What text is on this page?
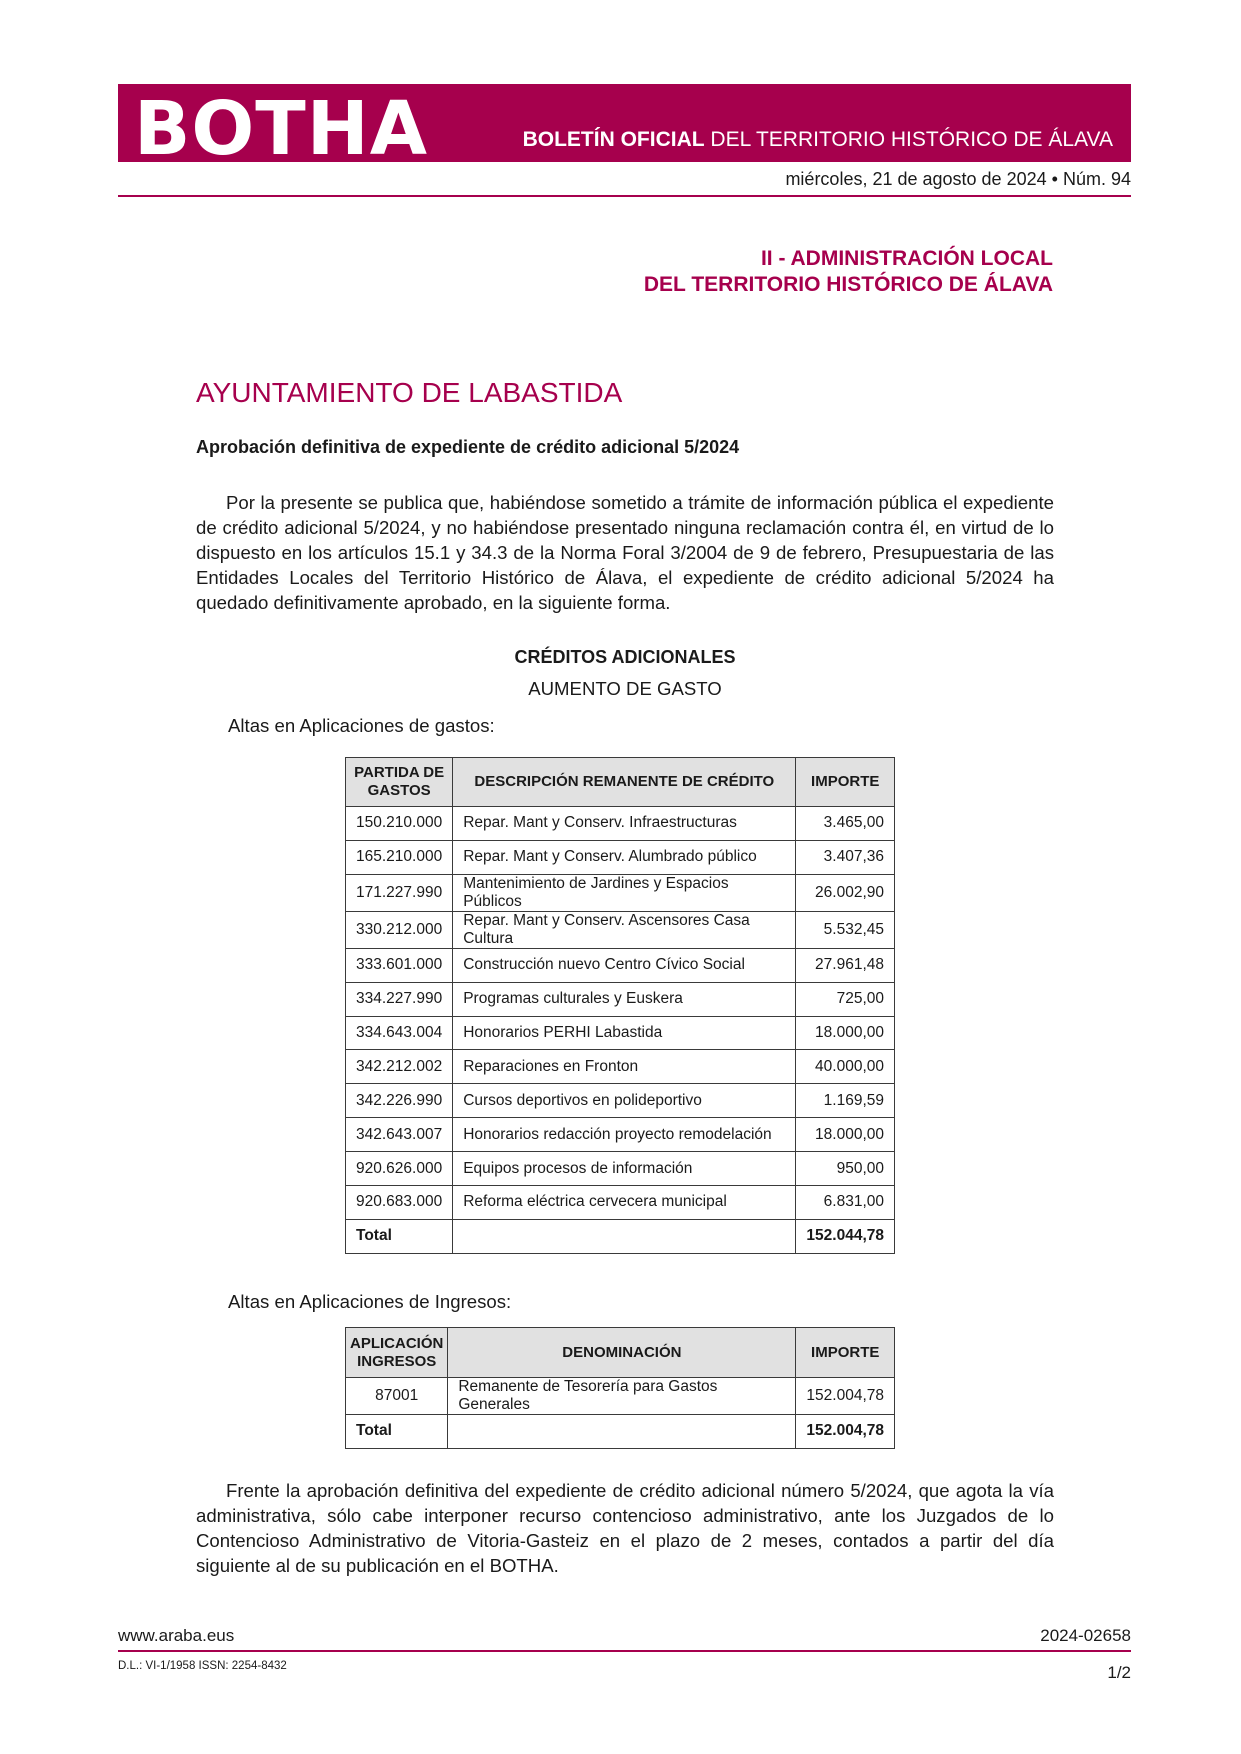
BOTHA	BOLETÍN OFICIAL DEL TERRITORIO HISTÓRICO DE ÁLAVA
miércoles, 21 de agosto de 2024 • Núm. 94
II - ADMINISTRACIÓN LOCAL
DEL TERRITORIO HISTÓRICO DE ÁLAVA
AYUNTAMIENTO DE LABASTIDA
Aprobación definitiva de expediente de crédito adicional 5/2024
Por la presente se publica que, habiéndose sometido a trámite de información pública el expediente de crédito adicional 5/2024, y no habiéndose presentado ninguna reclamación contra él, en virtud de lo dispuesto en los artículos 15.1 y 34.3 de la Norma Foral 3/2004 de 9 de febrero, Presupuestaria de las Entidades Locales del Territorio Histórico de Álava, el expediente de crédito adicional 5/2024 ha quedado definitivamente aprobado, en la siguiente forma.
CRÉDITOS ADICIONALES
AUMENTO DE GASTO
Altas en Aplicaciones de gastos:
PARTIDA DE GASTOS	DESCRIPCIÓN REMANENTE DE CRÉDITO	IMPORTE
150.210.000	Repar. Mant y Conserv. Infraestructuras	3.465,00
165.210.000	Repar. Mant y Conserv. Alumbrado público	3.407,36
171.227.990	Mantenimiento de Jardines y Espacios Públicos	26.002,90
330.212.000	Repar. Mant y Conserv. Ascensores Casa Cultura	5.532,45
333.601.000	Construcción nuevo Centro Cívico Social	27.961,48
334.227.990	Programas culturales y Euskera	725,00
334.643.004	Honorarios PERHI Labastida	18.000,00
342.212.002	Reparaciones en Fronton	40.000,00
342.226.990	Cursos deportivos en polideportivo	1.169,59
342.643.007	Honorarios redacción proyecto remodelación	18.000,00
920.626.000	Equipos procesos de información	950,00
920.683.000	Reforma eléctrica cervecera municipal	6.831,00
Total		152.044,78
Altas en Aplicaciones de Ingresos:
APLICACIÓN INGRESOS	DENOMINACIÓN	IMPORTE
87001	Remanente de Tesorería para Gastos Generales	152.004,78
Total		152.004,78
Frente la aprobación definitiva del expediente de crédito adicional número 5/2024, que agota la vía administrativa, sólo cabe interponer recurso contencioso administrativo, ante los Juzgados de lo Contencioso Administrativo de Vitoria-Gasteiz en el plazo de 2 meses, contados a partir del día siguiente al de su publicación en el BOTHA.
www.araba.eus	2024-02658
D.L.: VI-1/1958 ISSN: 2254-8432	1/2
